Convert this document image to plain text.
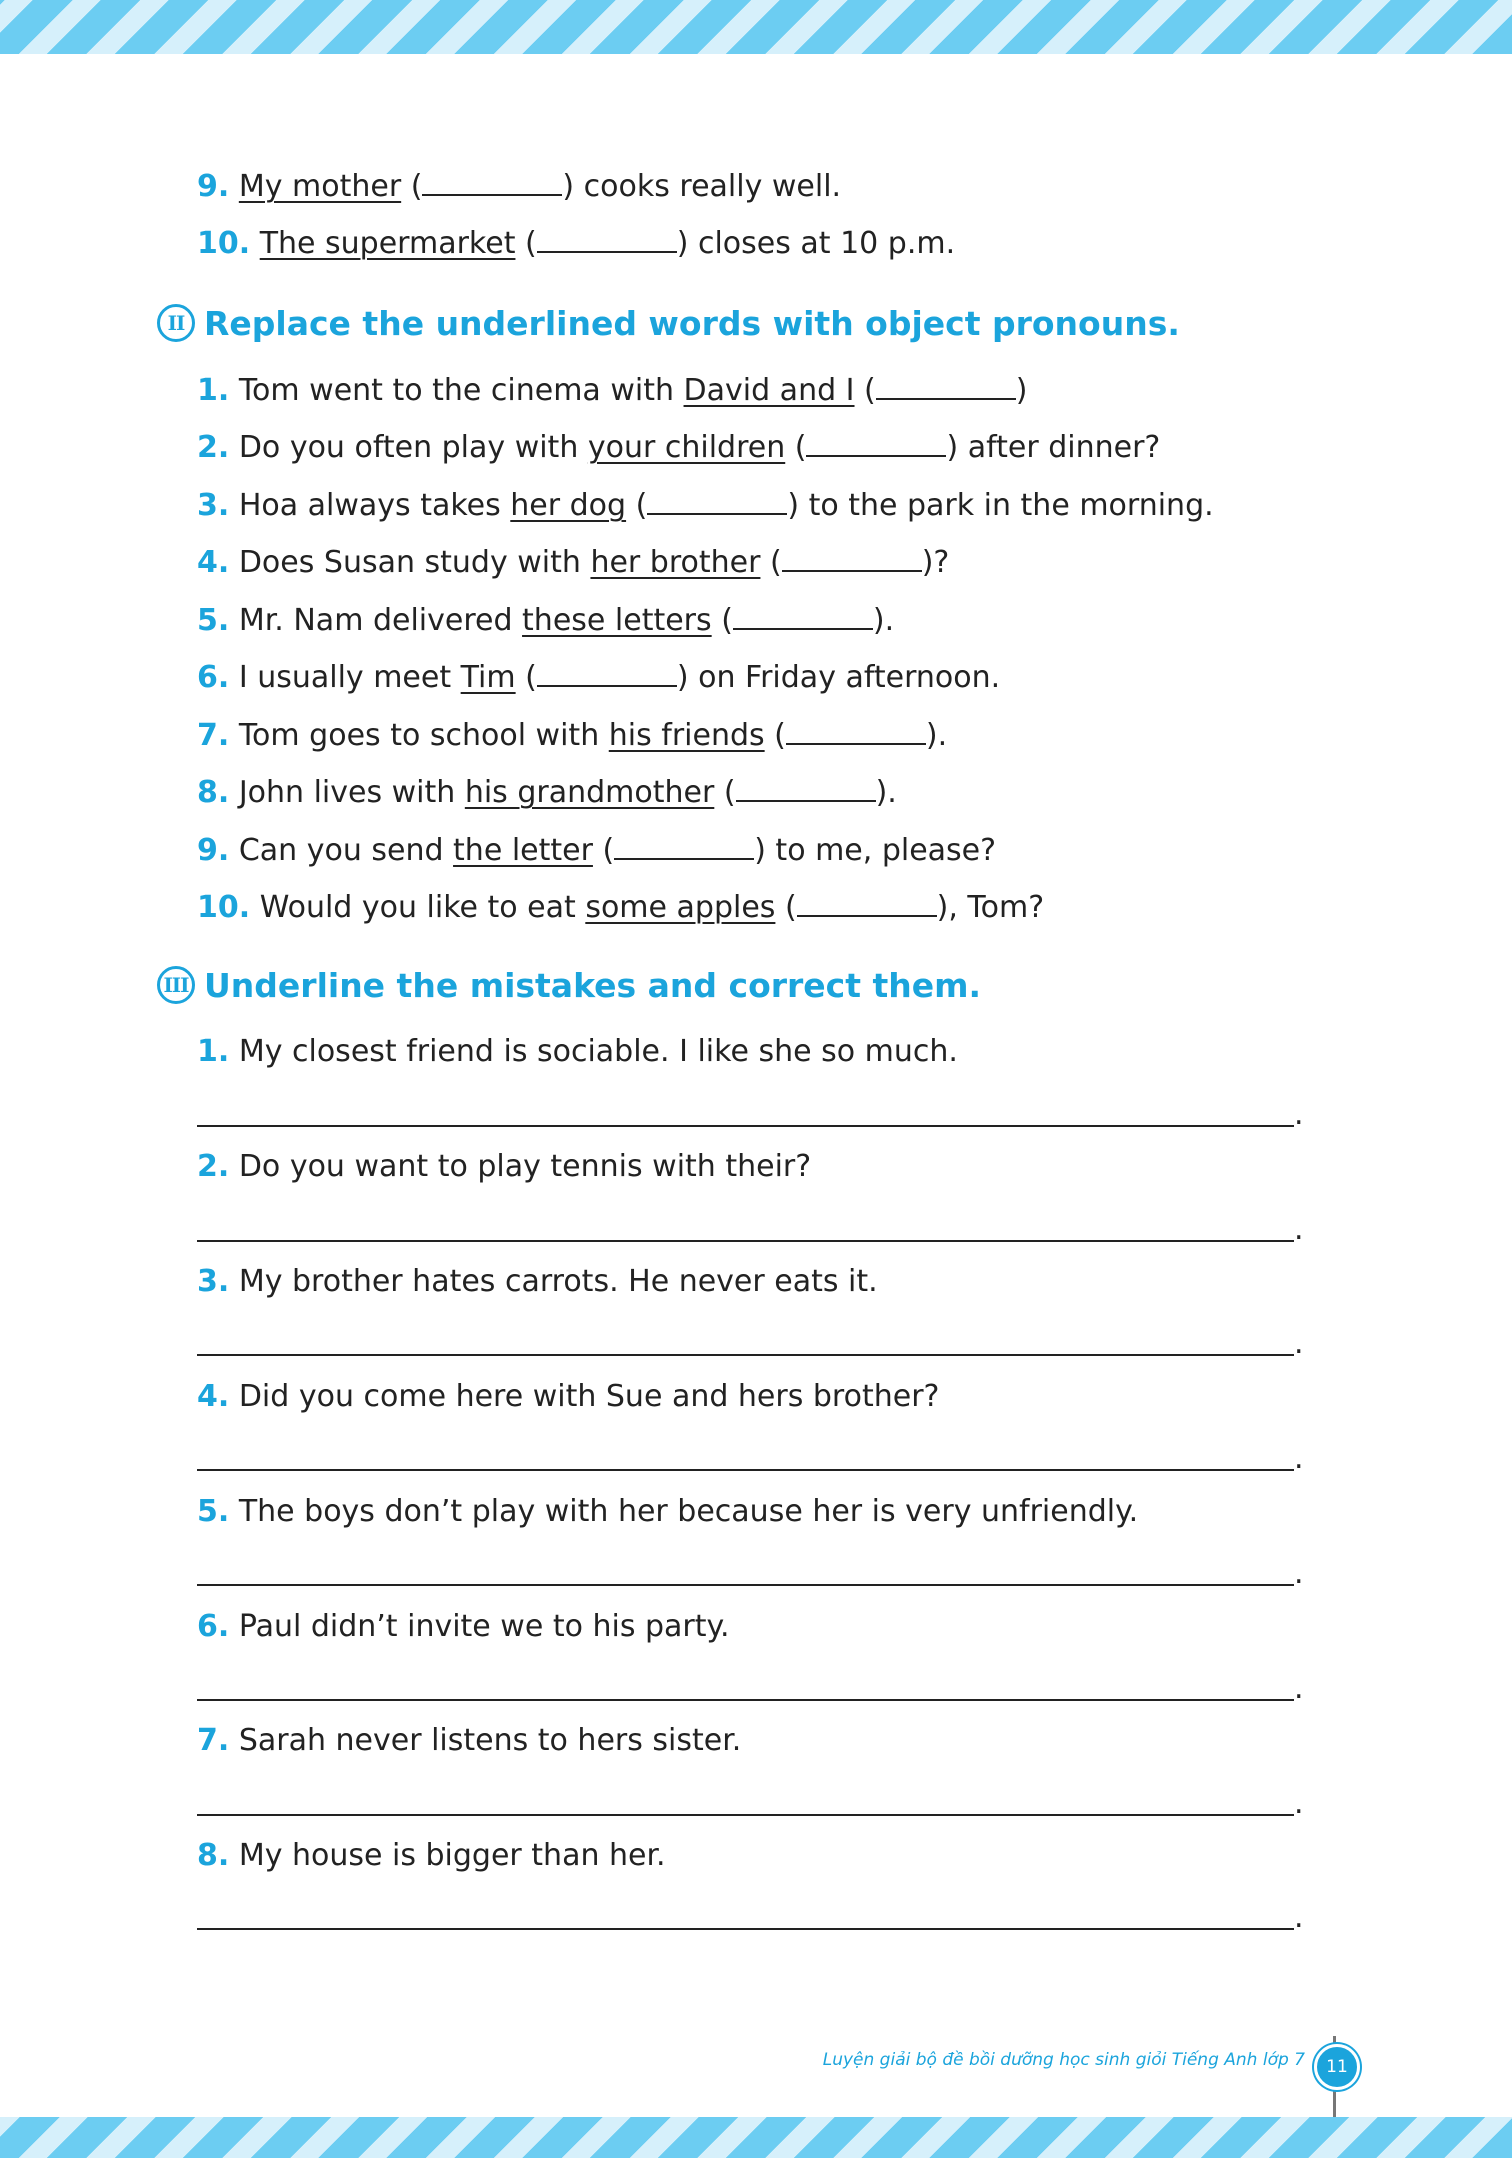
9. My mother (	) cooks really well.
10. The supermarket (	) closes at 10 p.m.
II Replace the underlined words with object pronouns.
1. Tom went to the cinema with David and I (	)
2. Do you often play with your children (	) after dinner?
3. Hoa always takes her dog (	) to the park in the morning.
4. Does Susan study with her brother (	)?
5. Mr. Nam delivered these letters (	).
6. I usually meet Tim (	) on Friday afternoon.
7. Tom goes to school with his friends (	).
8. John lives with his grandmother (	).
9. Can you send the letter (	) to me, please?
10. Would you like to eat some apples (	), Tom?
III Underline the mistakes and correct them.
1. My closest friend is sociable. I like she so much.
.
2. Do you want to play tennis with their?
.
3. My brother hates carrots. He never eats it.
.
4. Did you come here with Sue and hers brother?
.
5. The boys don’t play with her because her is very unfriendly.
.
6. Paul didn’t invite we to his party.
.
7. Sarah never listens to hers sister.
.
8. My house is bigger than her.
.
Luyện giải bộ đề bồi dưỡng học sinh giỏi Tiếng Anh lớp 7	11
